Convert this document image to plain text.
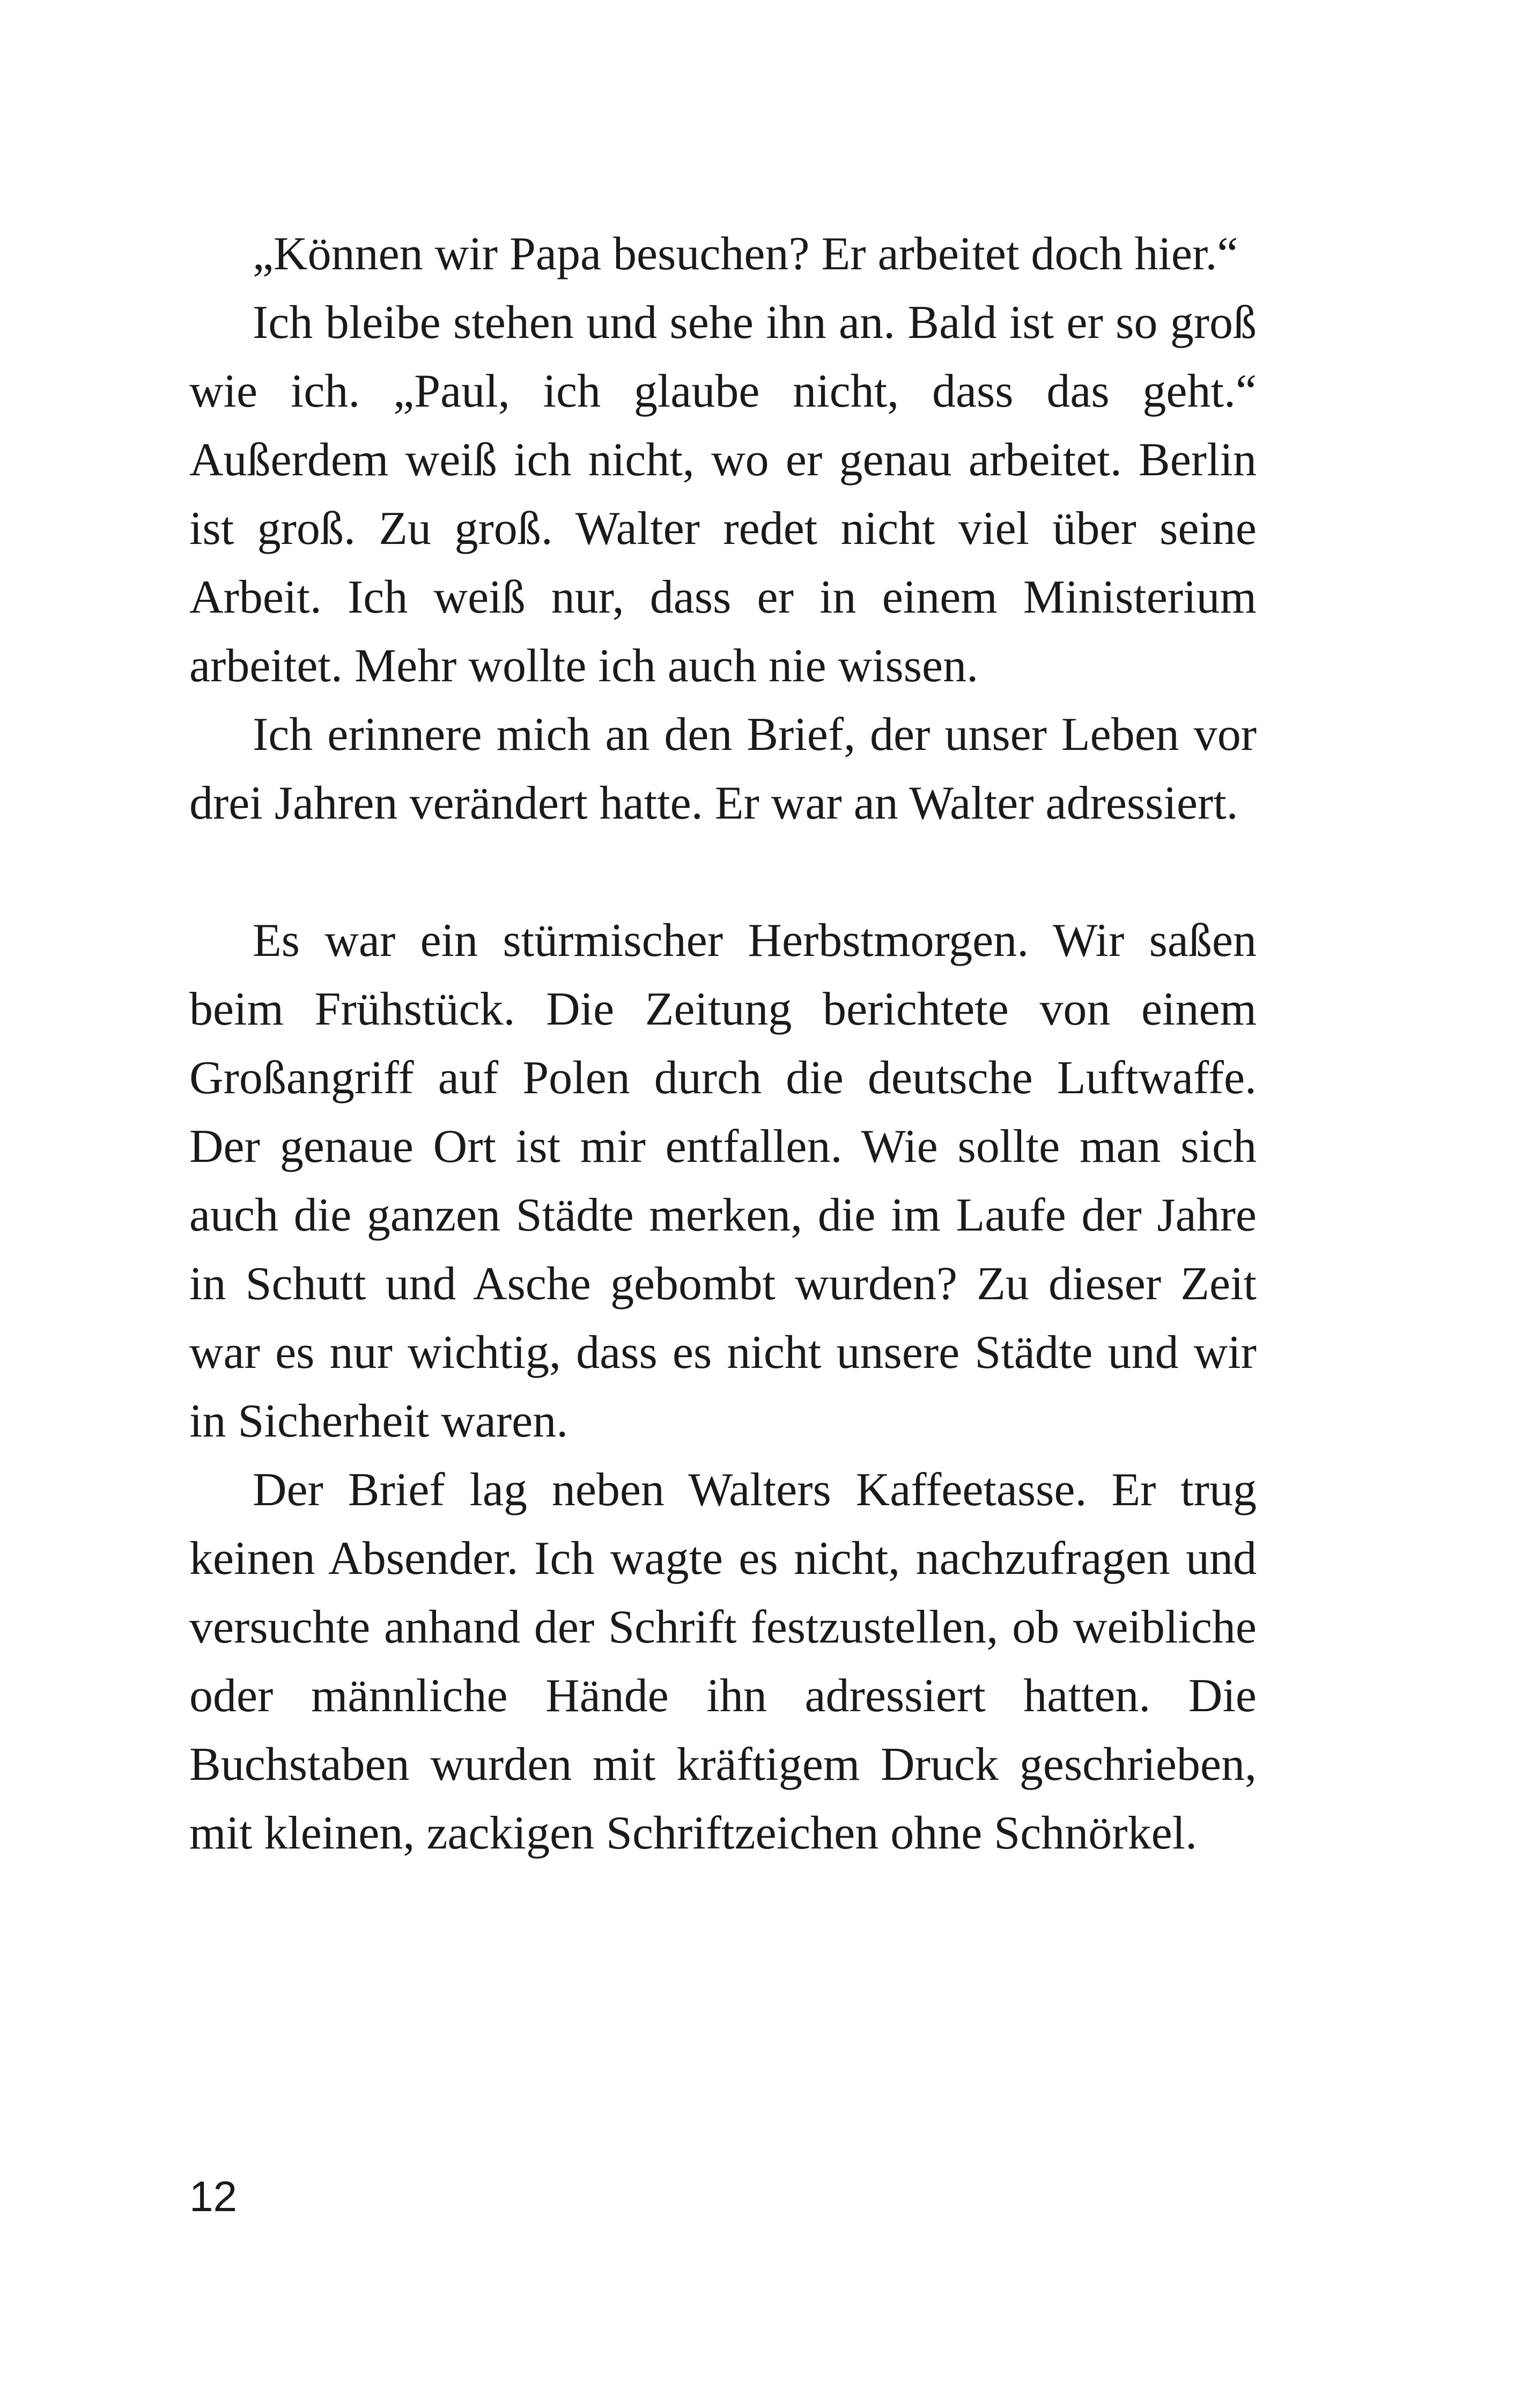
„Können wir Papa besuchen? Er arbeitet doch hier.“

Ich bleibe stehen und sehe ihn an. Bald ist er so groß wie ich. „Paul, ich glaube nicht, dass das geht.“ Außerdem weiß ich nicht, wo er genau arbeitet. Berlin ist groß. Zu groß. Walter redet nicht viel über seine Arbeit. Ich weiß nur, dass er in einem Ministerium arbeitet. Mehr wollte ich auch nie wissen.

Ich erinnere mich an den Brief, der unser Leben vor drei Jahren verändert hatte. Er war an Walter adressiert.

Es war ein stürmischer Herbstmorgen. Wir saßen beim Frühstück. Die Zeitung berichtete von einem Großangriff auf Polen durch die deutsche Luftwaffe. Der genaue Ort ist mir entfallen. Wie sollte man sich auch die ganzen Städte merken, die im Laufe der Jahre in Schutt und Asche gebombt wurden? Zu dieser Zeit war es nur wichtig, dass es nicht unsere Städte und wir in Sicherheit waren.

Der Brief lag neben Walters Kaffeetasse. Er trug keinen Absender. Ich wagte es nicht, nachzufragen und versuchte anhand der Schrift festzustellen, ob weibliche oder männliche Hände ihn adressiert hatten. Die Buchstaben wurden mit kräftigem Druck geschrieben, mit kleinen, zackigen Schriftzeichen ohne Schnörkel.

12
